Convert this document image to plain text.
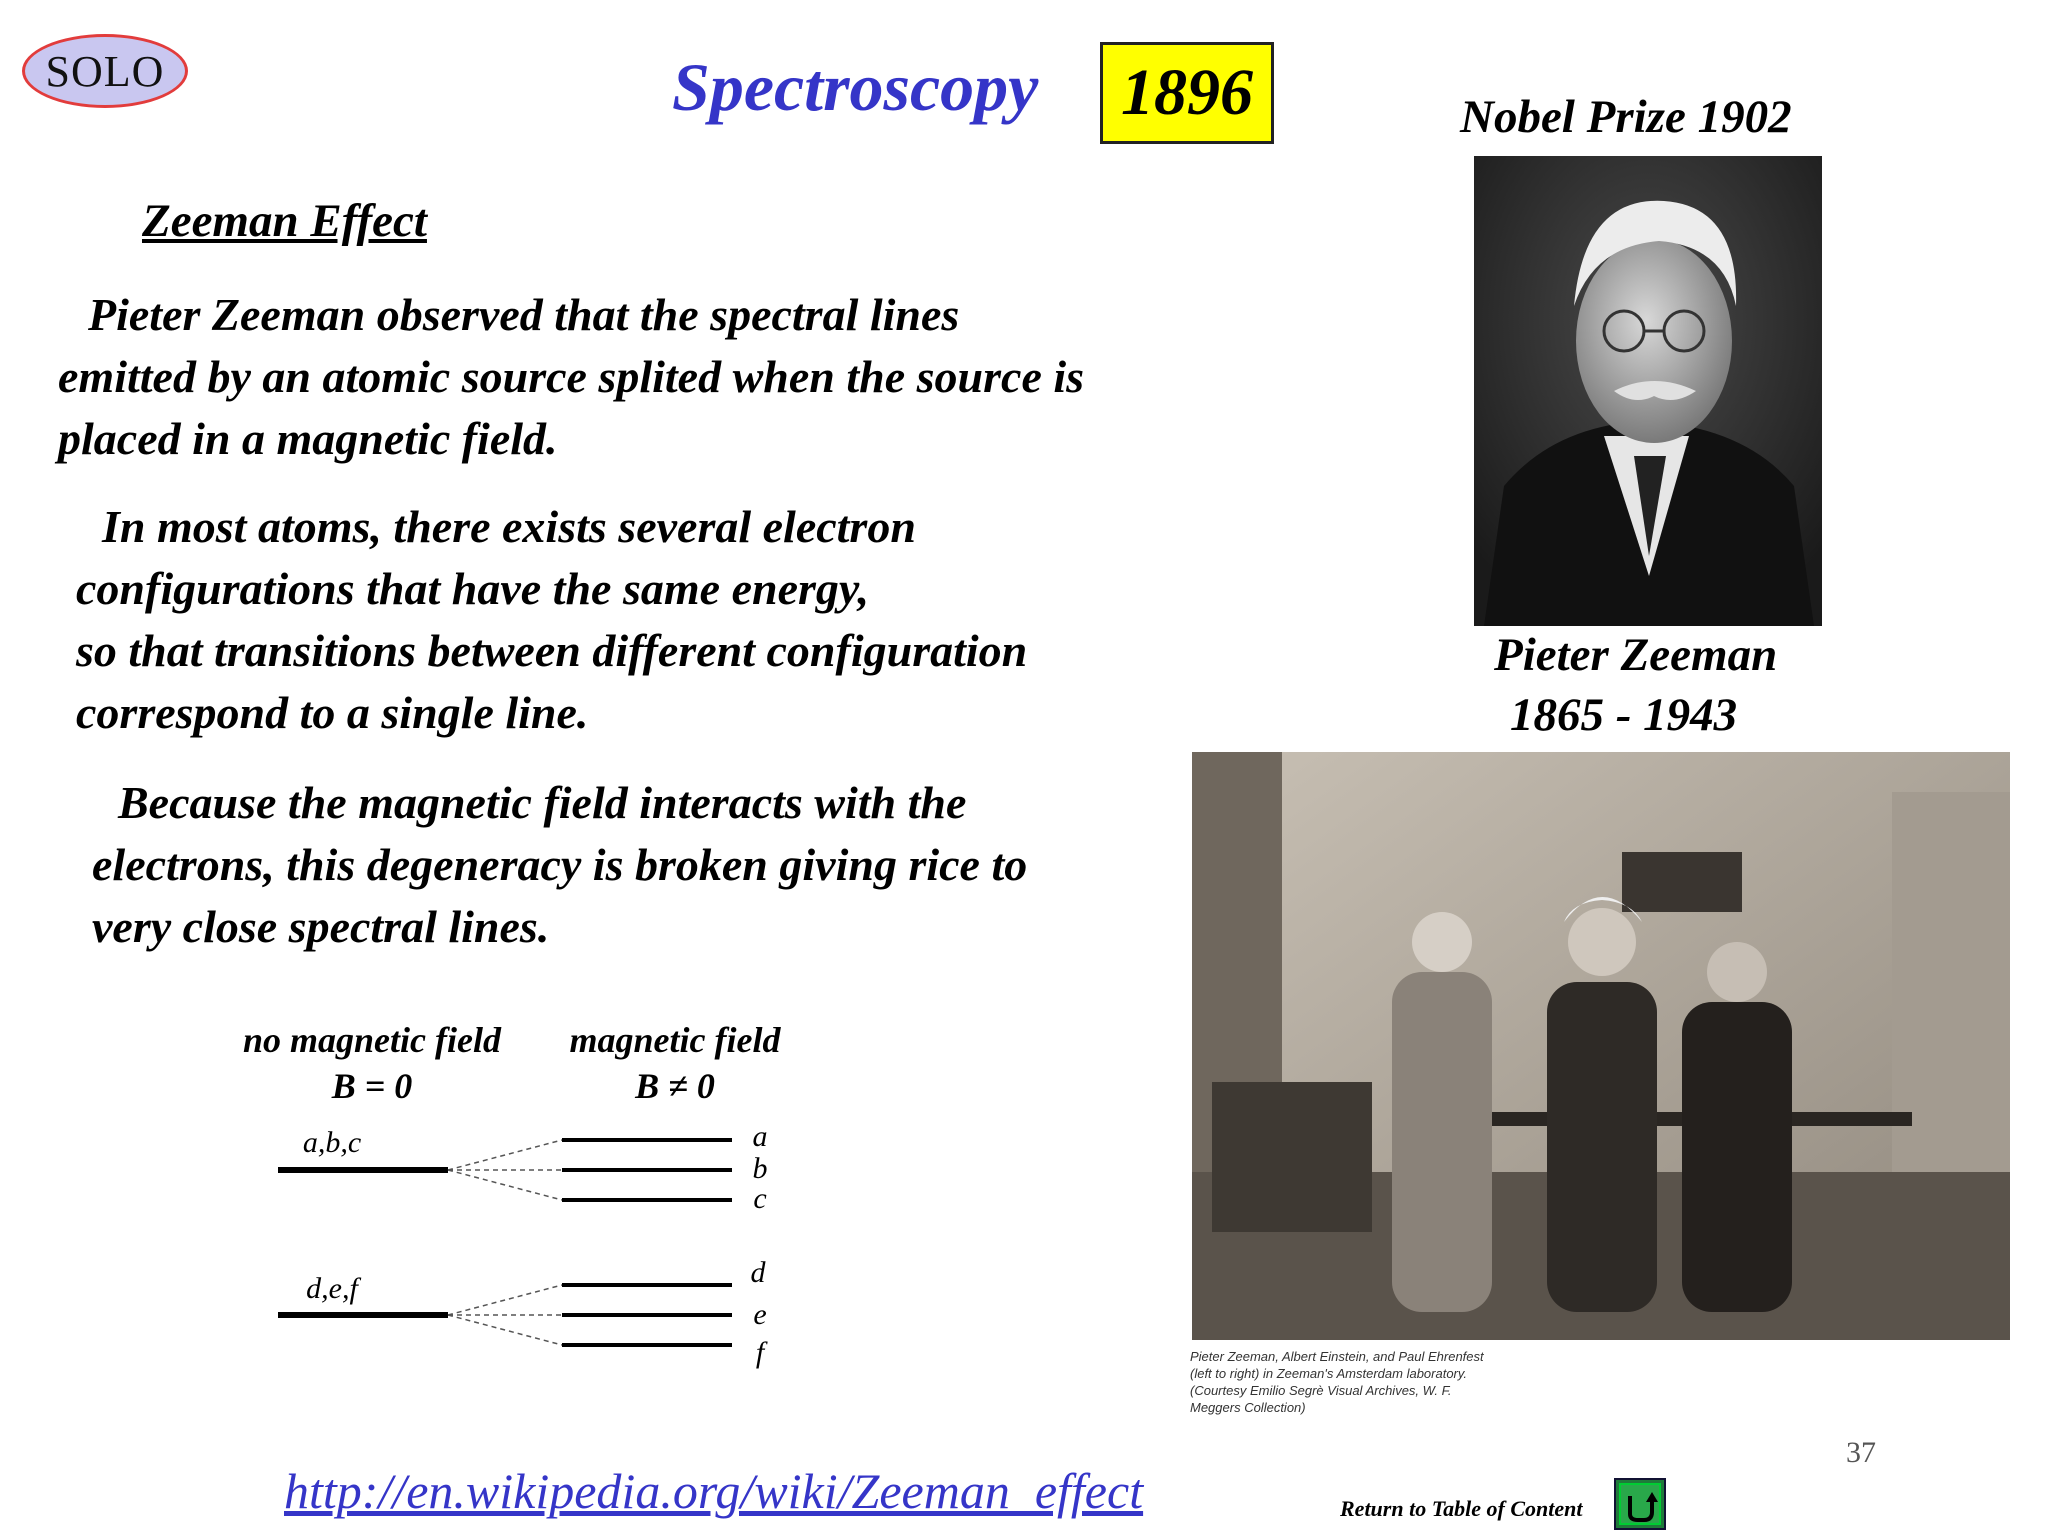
SOLO	Spectroscopy 1896	Nobel Prize 1902
Pieter Zeeman
1865 - 1943
Zeeman Effect
Pieter Zeeman observed that the spectral lines
emitted by an atomic source splited when the source is
placed in a magnetic field.
In most atoms, there exists several electron
configurations that have the same energy,
so that transitions between different configuration
correspond to a single line.
Because the magnetic field interacts with the
electrons, this degeneracy is broken giving rice to
very close spectral lines.
no magnetic field
B = 0
magnetic field
B ≠ 0
a,b,c	a
b
c
d,e,f	d
e
f	Pieter Zeeman, Albert Einstein, and Paul Ehrenfest (left to right) in Zeeman's Amsterdam laboratory. (Courtesy Emilio Segrè Visual Archives, W. F. Meggers Collection)
37
http://en.wikipedia.org/wiki/Zeeman_effect	Return to Table of Content
